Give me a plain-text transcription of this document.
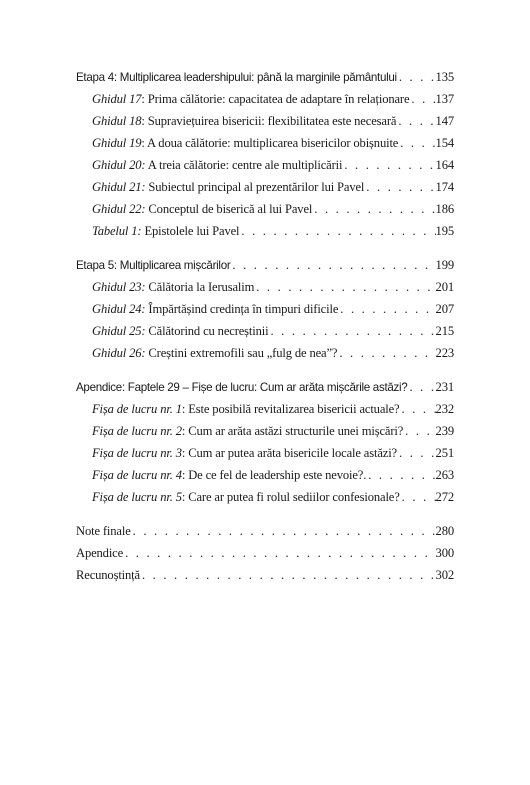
Etapa 4: Multiplicarea leadershipului: până la marginile pământului . . .	135
Ghidul 17: Prima călătorie: capacitatea de adaptare în relaționare . . . 137
Ghidul 18: Supraviețuirea bisericii: flexibilitatea este necesară . . .	147
Ghidul 19: A doua călătorie: multiplicarea bisericilor obișnuite . . .	154
Ghidul 20: A treia călătorie: centre ale multiplicării . . .	164
Ghidul 21: Subiectul principal al prezentărilor lui Pavel . . .	174
Ghidul 22: Conceptul de biserică al lui Pavel . . .	186
Tabelul 1: Epistolele lui Pavel . . .	195
Etapa 5: Multiplicarea mișcărilor . . .	199
Ghidul 23: Călătoria la Ierusalim . . .	201
Ghidul 24: Împărtășind credința în timpuri dificile . . .	207
Ghidul 25: Călătorind cu necreștinii . . .	215
Ghidul 26: Creștini extremofili sau „fulg de nea”? . . .	223
Apendice: Faptele 29 – Fișe de lucru: Cum ar arăta mișcările astăzi? . . . 231
Fișa de lucru nr. 1: Este posibilă revitalizarea bisericii actuale? . . .	232
Fișa de lucru nr. 2: Cum ar arăta astăzi structurile unei mișcări? . . .	239
Fișa de lucru nr. 3: Cum ar putea arăta bisericile locale astăzi? . . .	251
Fișa de lucru nr. 4: De ce fel de leadership este nevoie?. . . .	263
Fișa de lucru nr. 5: Care ar putea fi rolul sediilor confesionale? . . .	272
Note finale . . .	280
Apendice . . .	300
Recunoștință . . .	302
